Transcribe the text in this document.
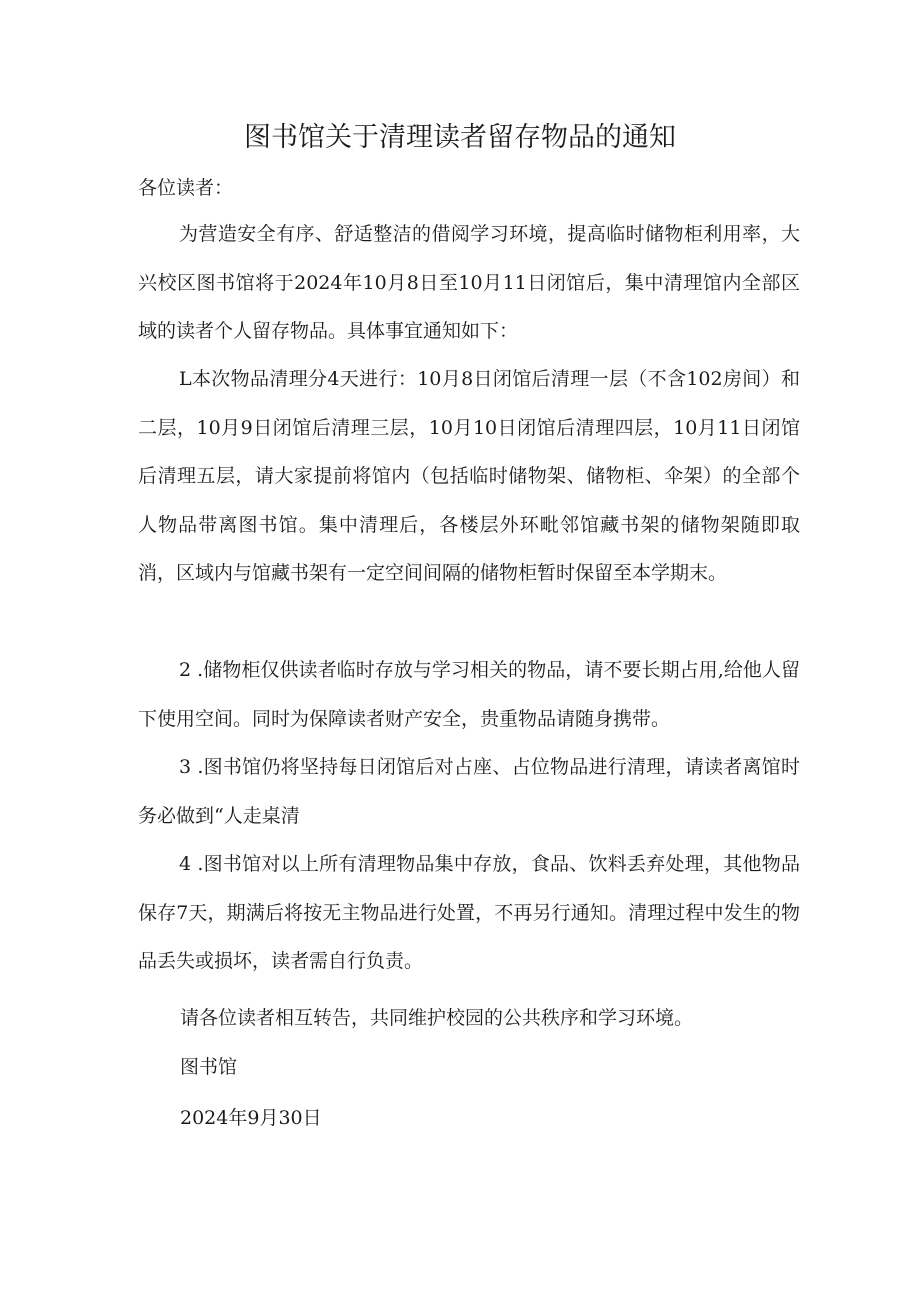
图书馆关于清理读者留存物品的通知

各位读者：

为营造安全有序、舒适整洁的借阅学习环境，提高临时储物柜利用率，大兴校区图书馆将于2024年10月8日至10月11日闭馆后，集中清理馆内全部区域的读者个人留存物品。具体事宜通知如下：

L本次物品清理分4天进行：10月8日闭馆后清理一层（不含102房间）和二层，10月9日闭馆后清理三层，10月10日闭馆后清理四层，10月11日闭馆后清理五层，请大家提前将馆内（包括临时储物架、储物柜、伞架）的全部个人物品带离图书馆。集中清理后，各楼层外环毗邻馆藏书架的储物架随即取消，区域内与馆藏书架有一定空间间隔的储物柜暂时保留至本学期末。

2 .储物柜仅供读者临时存放与学习相关的物品，请不要长期占用,给他人留下使用空间。同时为保障读者财产安全，贵重物品请随身携带。

3 .图书馆仍将坚持每日闭馆后对占座、占位物品进行清理，请读者离馆时务必做到“人走桌清

4 .图书馆对以上所有清理物品集中存放，食品、饮料丢弃处理，其他物品保存7天，期满后将按无主物品进行处置，不再另行通知。清理过程中发生的物品丢失或损坏，读者需自行负责。

请各位读者相互转告，共同维护校园的公共秩序和学习环境。

图书馆

2024年9月30日
